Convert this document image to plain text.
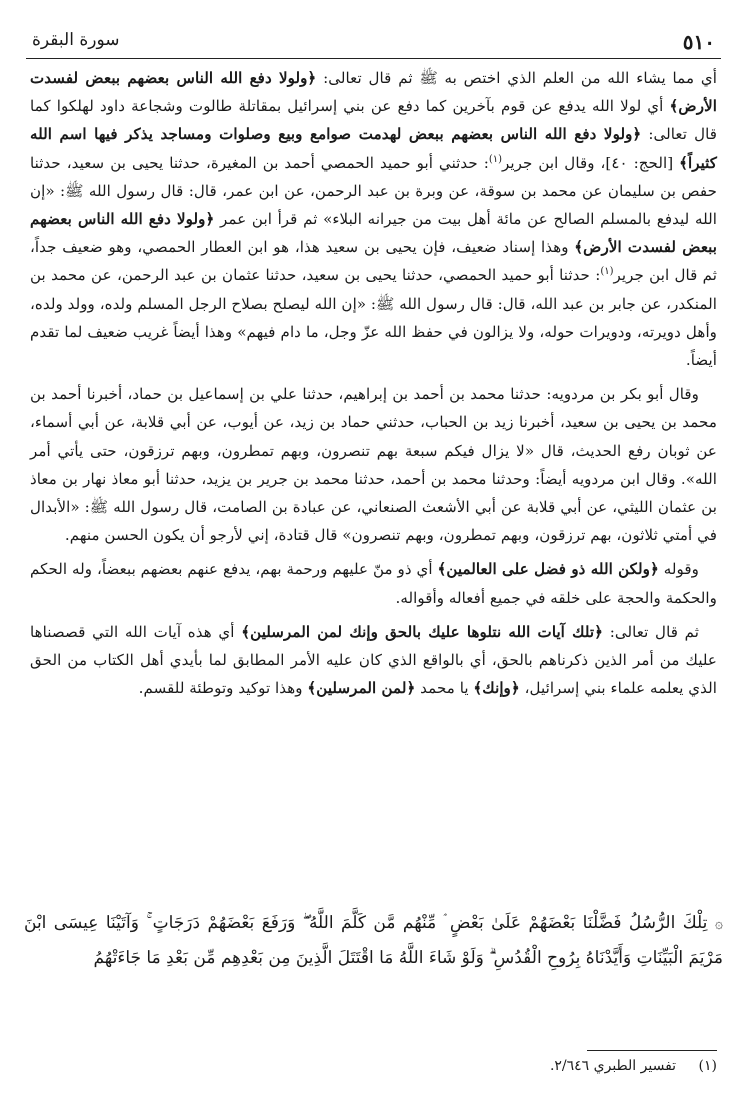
٥١٠
سورة البقرة

أي مما يشاء الله من العلم الذي اختص به ﷺ ثم قال تعالى: ﴿ولولا دفع الله الناس بعضهم ببعض لفسدت الأرض﴾ أي لولا الله يدفع عن قوم بآخرين كما دفع عن بني إسرائيل بمقاتلة طالوت وشجاعة داود لهلكوا كما قال تعالى: ﴿ولولا دفع الله الناس بعضهم ببعض لهدمت صوامع وبيع وصلوات ومساجد يذكر فيها اسم الله كثيراً﴾ [الحج: ٤٠]، وقال ابن جرير$^{(١)}$: حدثني أبو حميد الحمصي أحمد بن المغيرة، حدثنا يحيى بن سعيد، حدثنا حفص بن سليمان عن محمد بن سوقة، عن وبرة بن عبد الرحمن، عن ابن عمر، قال: قال رسول الله ﷺ: «إن الله ليدفع بالمسلم الصالح عن مائة أهل بيت من جيرانه البلاء» ثم قرأ ابن عمر ﴿ولولا دفع الله الناس بعضهم ببعض لفسدت الأرض﴾ وهذا إسناد ضعيف، فإن يحيى بن سعيد هذا، هو ابن العطار الحمصي، وهو ضعيف جداً، ثم قال ابن جرير$^{(١)}$: حدثنا أبو حميد الحمصي، حدثنا يحيى بن سعيد، حدثنا عثمان بن عبد الرحمن، عن محمد بن المنكدر، عن جابر بن عبد الله، قال: قال رسول الله ﷺ: «إن الله ليصلح بصلاح الرجل المسلم ولده، وولد ولده، وأهل دويرته، ودويرات حوله، ولا يزالون في حفظ الله عزّ وجل، ما دام فيهم» وهذا أيضاً غريب ضعيف لما تقدم أيضاً.

وقال أبو بكر بن مردويه: حدثنا محمد بن أحمد بن إبراهيم، حدثنا علي بن إسماعيل بن حماد، أخبرنا أحمد بن محمد بن يحيى بن سعيد، أخبرنا زيد بن الحباب، حدثني حماد بن زيد، عن أيوب، عن أبي قلابة، عن أبي أسماء، عن ثوبان رفع الحديث، قال «لا يزال فيكم سبعة بهم تنصرون، وبهم تمطرون، وبهم ترزقون، حتى يأتي أمر الله». وقال ابن مردويه أيضاً: وحدثنا محمد بن أحمد، حدثنا محمد بن جرير بن يزيد، حدثنا أبو معاذ نهار بن معاذ بن عثمان الليثي، عن أبي قلابة عن أبي الأشعث الصنعاني، عن عبادة بن الصامت، قال رسول الله ﷺ: «الأبدال في أمتي ثلاثون، بهم ترزقون، وبهم تمطرون، وبهم تنصرون» قال قتادة، إني لأرجو أن يكون الحسن منهم.

وقوله ﴿ولكن الله ذو فضل على العالمين﴾ أي ذو منّ عليهم ورحمة بهم، يدفع عنهم بعضهم ببعضاً، وله الحكم والحكمة والحجة على خلقه في جميع أفعاله وأقواله.

ثم قال تعالى: ﴿تلك آيات الله نتلوها عليك بالحق وإنك لمن المرسلين﴾ أي هذه آيات الله التي قصصناها عليك من أمر الذين ذكرناهم بالحق، أي بالواقع الذي كان عليه الأمر المطابق لما بأيدي أهل الكتاب من الحق الذي يعلمه علماء بني إسرائيل، ﴿وإنك﴾ يا محمد ﴿لمن المرسلين﴾ وهذا توكيد وتوطئة للقسم.

۞ تِلْكَ الرُّسُلُ فَضَّلْنَا بَعْضَهُمْ عَلَىٰ بَعْضٍ ۘ مِّنْهُم مَّن كَلَّمَ اللَّهُ ۖ وَرَفَعَ بَعْضَهُمْ دَرَجَاتٍ ۚ وَآتَيْنَا عِيسَى ابْنَ مَرْيَمَ الْبَيِّنَاتِ وَأَيَّدْنَاهُ بِرُوحِ الْقُدُسِ ۗ وَلَوْ شَاءَ اللَّهُ مَا اقْتَتَلَ الَّذِينَ مِن بَعْدِهِم مِّن بَعْدِ مَا جَاءَتْهُمُ
(١) تفسير الطبري ٢/٦٤٦.
